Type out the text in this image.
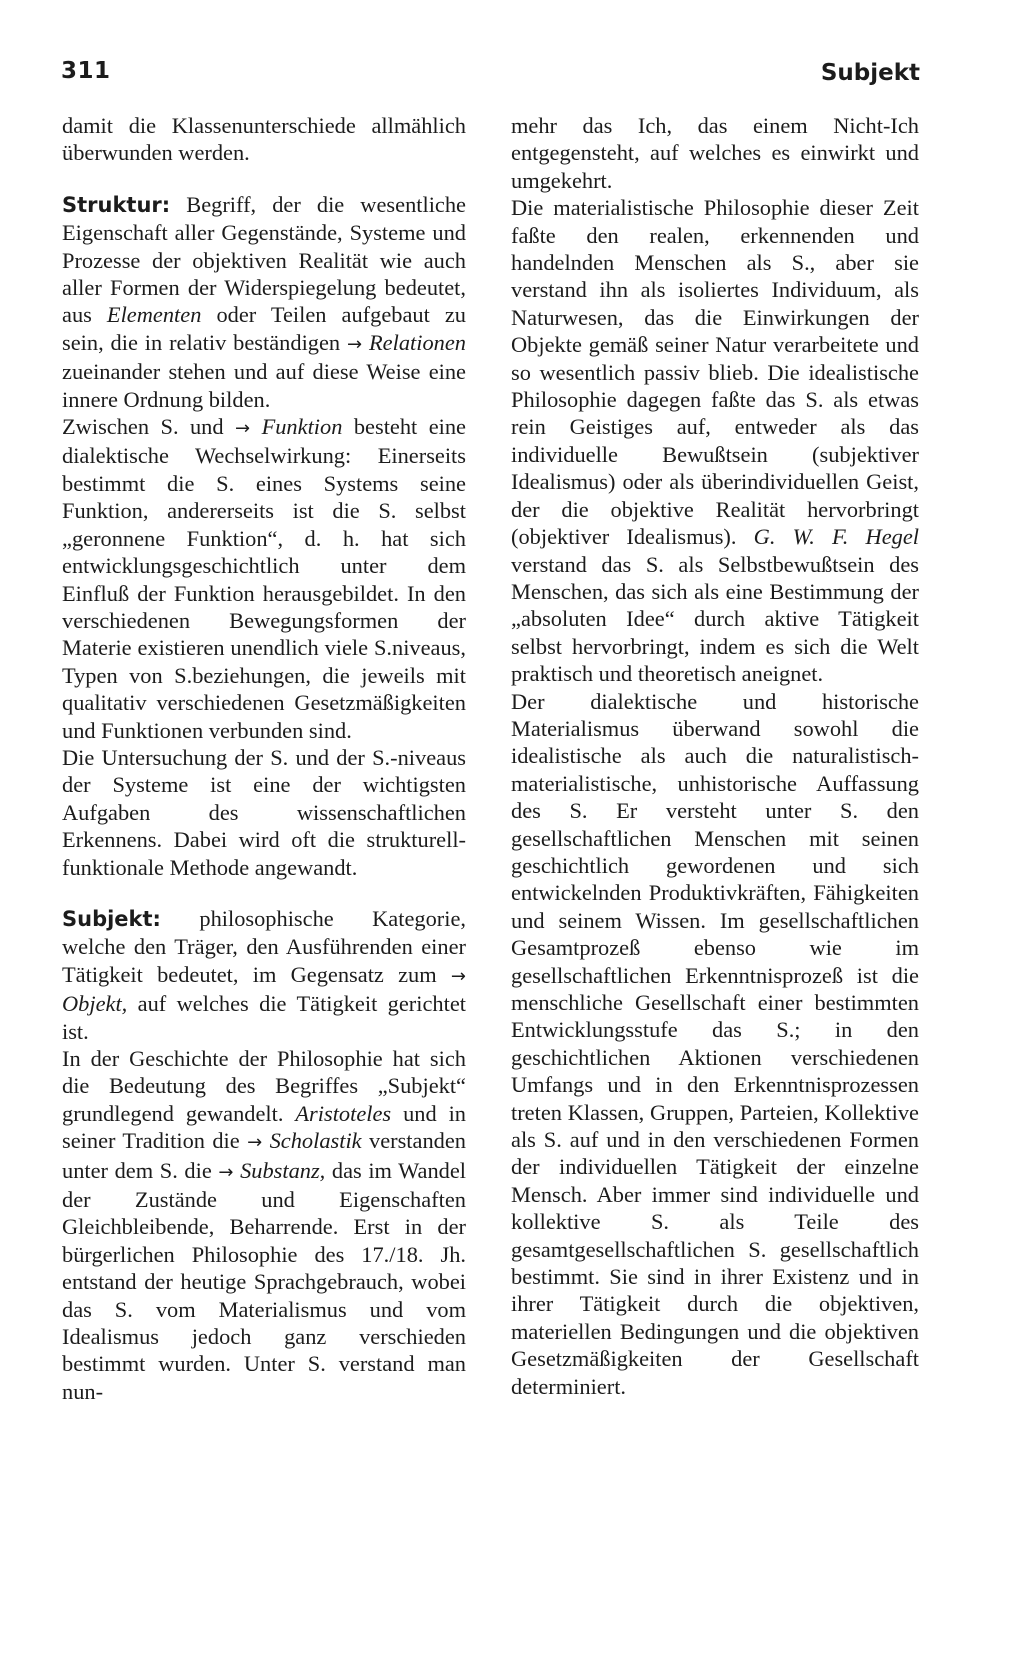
311	Subjekt

damit die Klassenunterschiede allmählich überwunden werden.

Struktur: Begriff, der die wesentliche Eigenschaft aller Gegenstände, Systeme und Prozesse der objektiven Realität wie auch aller Formen der Widerspiegelung bedeutet, aus Elementen oder Teilen aufgebaut zu sein, die in relativ beständigen → Relationen zueinander stehen und auf diese Weise eine innere Ordnung bilden.

Zwischen S. und → Funktion besteht eine dialektische Wechselwirkung: Einerseits bestimmt die S. eines Systems seine Funktion, andererseits ist die S. selbst „geronnene Funktion“, d. h. hat sich entwicklungsgeschichtlich unter dem Einfluß der Funktion herausgebildet. In den verschiedenen Bewegungsformen der Materie existieren unendlich viele S.niveaus, Typen von S.beziehungen, die jeweils mit qualitativ verschiedenen Gesetzmäßigkeiten und Funktionen verbunden sind.

Die Untersuchung der S. und der S.-niveaus der Systeme ist eine der wichtigsten Aufgaben des wissenschaftlichen Erkennens. Dabei wird oft die strukturell-funktionale Methode angewandt.

Subjekt: philosophische Kategorie, welche den Träger, den Ausführenden einer Tätigkeit bedeutet, im Gegensatz zum → Objekt, auf welches die Tätigkeit gerichtet ist.

In der Geschichte der Philosophie hat sich die Bedeutung des Begriffes „Subjekt“ grundlegend gewandelt. Aristoteles und in seiner Tradition die → Scholastik verstanden unter dem S. die → Substanz, das im Wandel der Zustände und Eigenschaften Gleichbleibende, Beharrende. Erst in der bürgerlichen Philosophie des 17./18. Jh. entstand der heutige Sprachgebrauch, wobei das S. vom Materialismus und vom Idealismus jedoch ganz verschieden bestimmt wurden. Unter S. verstand man nun-

mehr das Ich, das einem Nicht-Ich entgegensteht, auf welches es einwirkt und umgekehrt.

Die materialistische Philosophie dieser Zeit faßte den realen, erkennenden und handelnden Menschen als S., aber sie verstand ihn als isoliertes Individuum, als Naturwesen, das die Einwirkungen der Objekte gemäß seiner Natur verarbeitete und so wesentlich passiv blieb. Die idealistische Philosophie dagegen faßte das S. als etwas rein Geistiges auf, entweder als das individuelle Bewußtsein (subjektiver Idealismus) oder als überindividuellen Geist, der die objektive Realität hervorbringt (objektiver Idealismus). G. W. F. Hegel verstand das S. als Selbstbewußtsein des Menschen, das sich als eine Bestimmung der „absoluten Idee“ durch aktive Tätigkeit selbst hervorbringt, indem es sich die Welt praktisch und theoretisch aneignet.

Der dialektische und historische Materialismus überwand sowohl die idealistische als auch die naturalistisch-materialistische, unhistorische Auffassung des S. Er versteht unter S. den gesellschaftlichen Menschen mit seinen geschichtlich gewordenen und sich entwickelnden Produktivkräften, Fähigkeiten und seinem Wissen. Im gesellschaftlichen Gesamtprozeß ebenso wie im gesellschaftlichen Erkenntnisprozeß ist die menschliche Gesellschaft einer bestimmten Entwicklungsstufe das S.; in den geschichtlichen Aktionen verschiedenen Umfangs und in den Erkenntnisprozessen treten Klassen, Gruppen, Parteien, Kollektive als S. auf und in den verschiedenen Formen der individuellen Tätigkeit der einzelne Mensch. Aber immer sind individuelle und kollektive S. als Teile des gesamtgesellschaftlichen S. gesellschaftlich bestimmt. Sie sind in ihrer Existenz und in ihrer Tätigkeit durch die objektiven, materiellen Bedingungen und die objektiven Gesetzmäßigkeiten der Gesellschaft determiniert.
